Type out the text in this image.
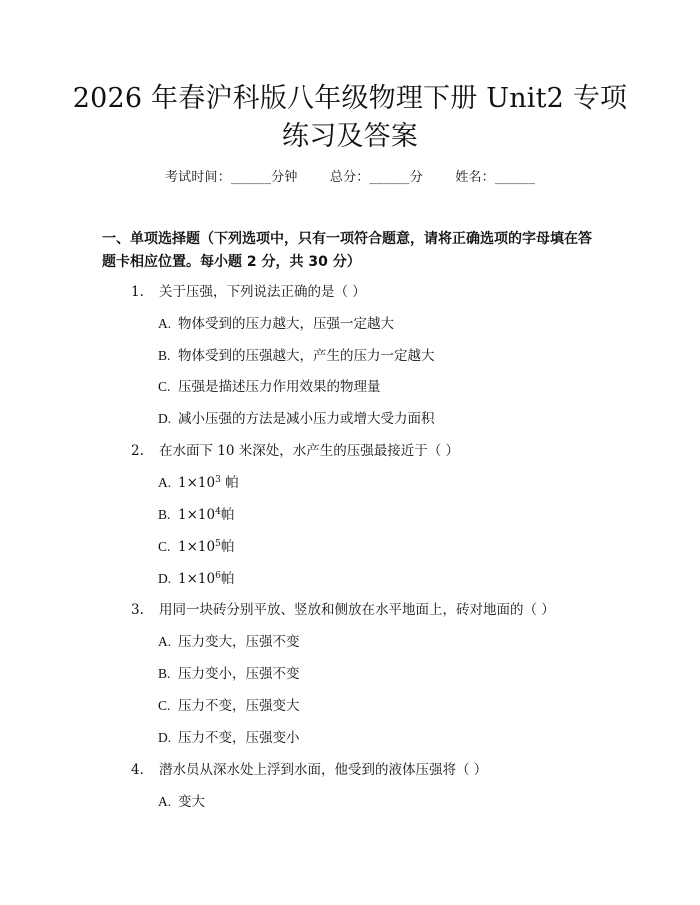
2026 年春沪科版八年级物理下册 Unit2 专项
练习及答案
考试时间：______分钟 总分：______分 姓名：______
一、单项选择题（下列选项中，只有一项符合题意，请将正确选项的字母填在答题卡相应位置。每小题 2 分，共 30 分）
1. 关于压强，下列说法正确的是（ ）
A. 物体受到的压力越大，压强一定越大
B. 物体受到的压强越大，产生的压力一定越大
C. 压强是描述压力作用效果的物理量
D. 减小压强的方法是减小压力或增大受力面积
2. 在水面下 10 米深处，水产生的压强最接近于（ ）
A. $1\times 10^3$ 帕
B. $1\times 10^4$帕
C. $1\times 10^5$帕
D. $1\times 10^6$帕
3. 用同一块砖分别平放、竖放和侧放在水平地面上，砖对地面的（ ）
A. 压力变大，压强不变
B. 压力变小，压强不变
C. 压力不变，压强变大
D. 压力不变，压强变小
4. 潜水员从深水处上浮到水面，他受到的液体压强将（ ）
A. 变大
